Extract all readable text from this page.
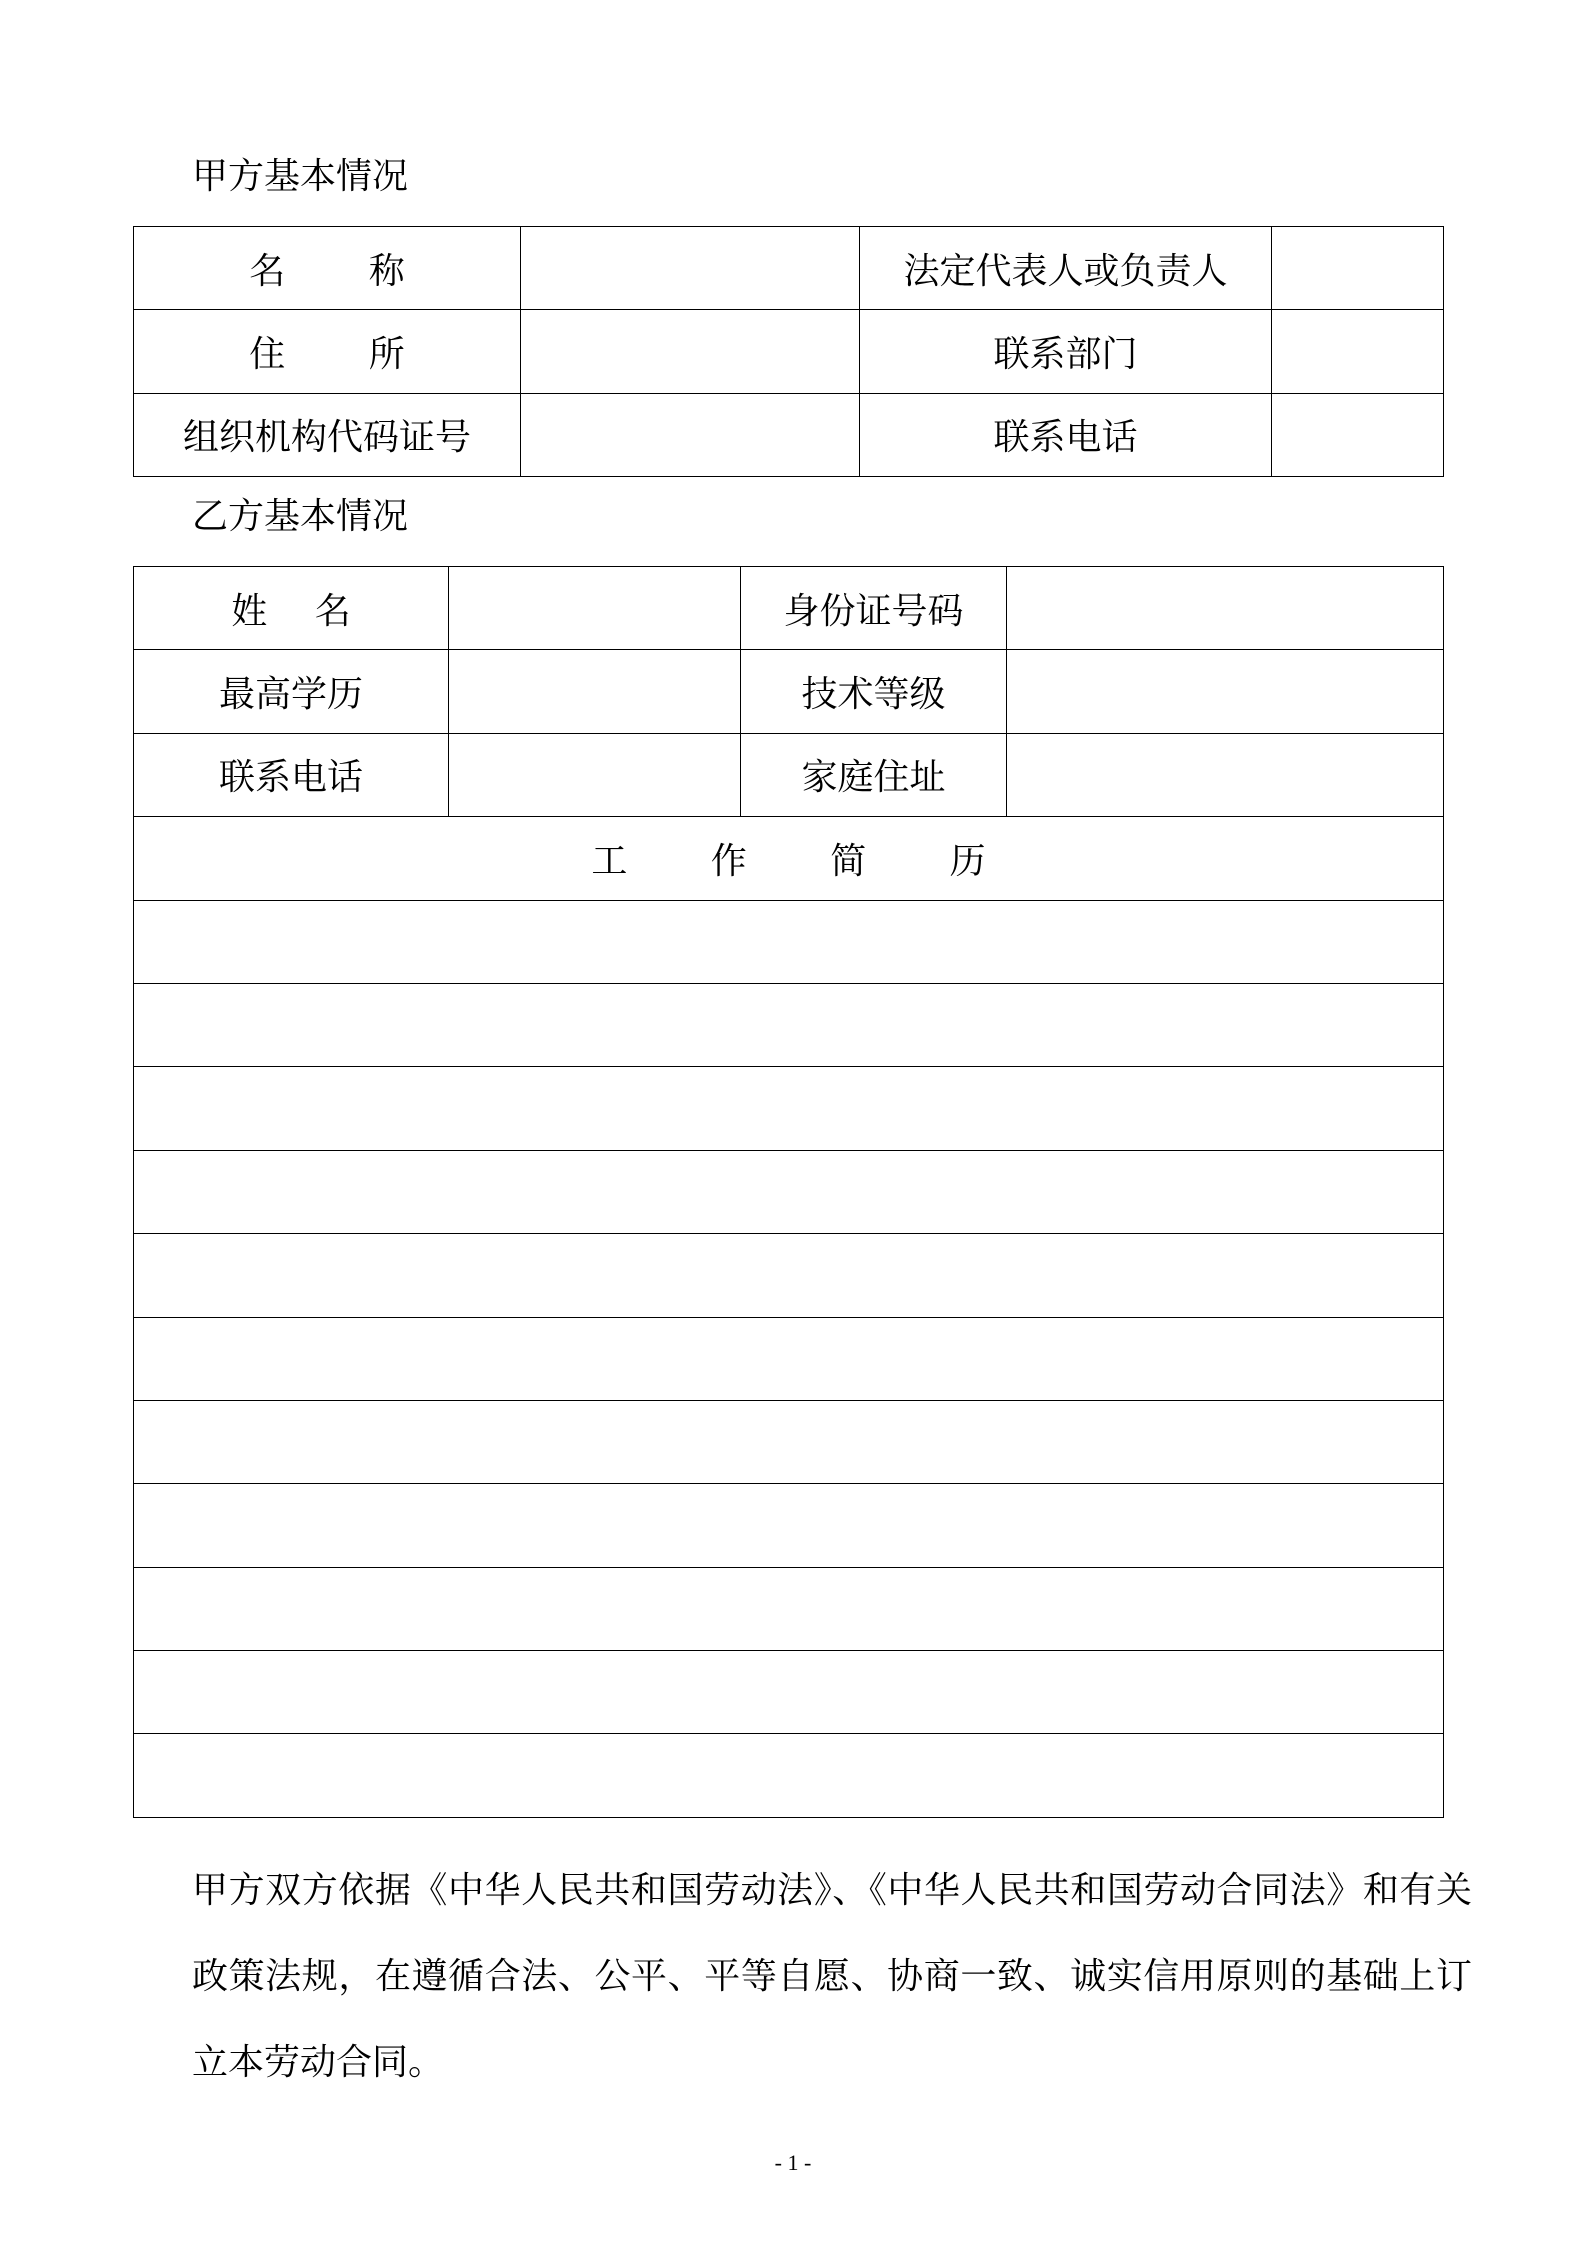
甲方基本情况
名 称		法定代表人或负责人	
住 所		联系部门	
组织机构代码证号		联系电话	
乙方基本情况
姓 名		身份证号码	
最高学历		技术等级	
联系电话		家庭住址	
工 作 简 历			

甲方双方依据《中华人民共和国劳动法》、《中华人民共和国劳动合同法》和有关政策法规，在遵循合法、公平、平等自愿、协商一致、诚实信用原则的基础上订立本劳动合同。

- 1 -
